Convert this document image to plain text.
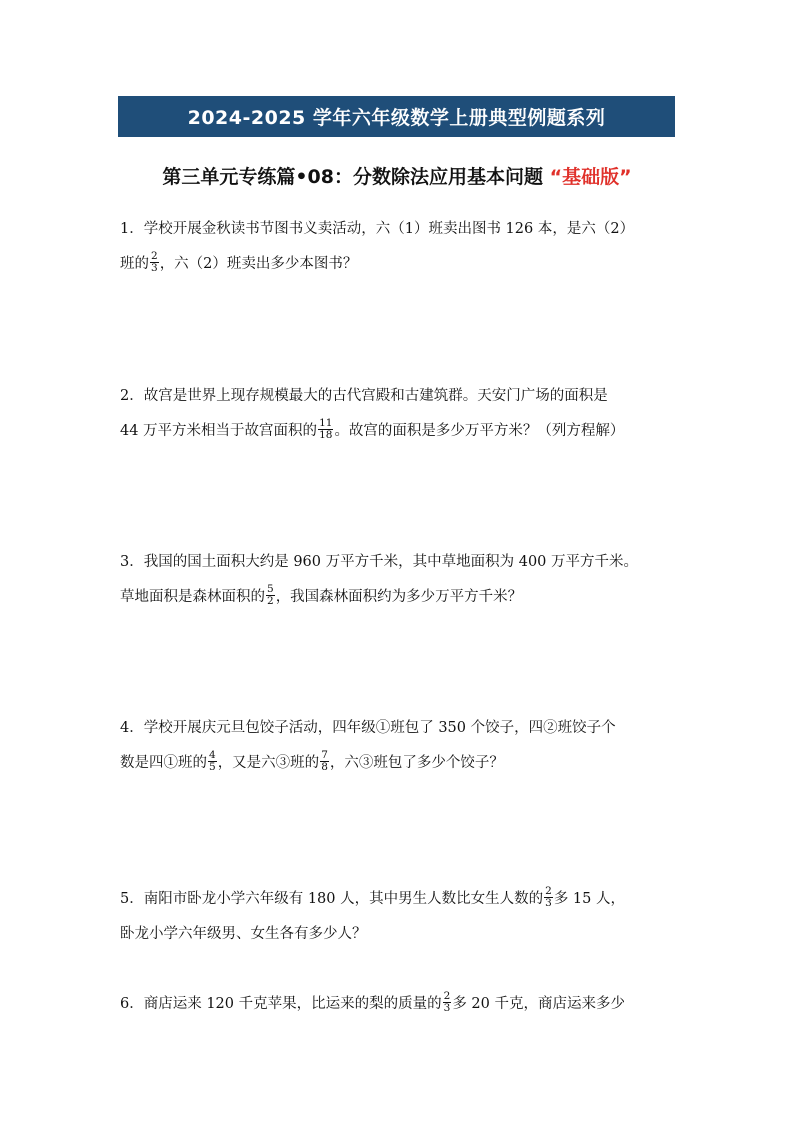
2024-2025 学年六年级数学上册典型例题系列
第三单元专练篇•08：分数除法应用基本问题 “基础版”
1．学校开展金秋读书节图书义卖活动，六（1）班卖出图书 126 本，是六（2）
班的 $\frac{2}{3}$ ，六（2）班卖出多少本图书？
2．故宫是世界上现存规模最大的古代宫殿和古建筑群。天安门广场的面积是
44 万平方米相当于故宫面积的 $\frac{11}{18}$ 。故宫的面积是多少万平方米？（列方程解）
3．我国的国土面积大约是 960 万平方千米，其中草地面积为 400 万平方千米。
草地面积是森林面积的 $\frac{5}{2}$ ，我国森林面积约为多少万平方千米？
4．学校开展庆元旦包饺子活动，四年级①班包了 350 个饺子，四②班饺子个
数是四①班的 $\frac{4}{5}$ ，又是六③班的 $\frac{7}{8}$ ，六③班包了多少个饺子？
5．南阳市卧龙小学六年级有 180 人，其中男生人数比女生人数的 $\frac{2}{3}$ 多 15 人，
卧龙小学六年级男、女生各有多少人？
6．商店运来 120 千克苹果，比运来的梨的质量的 $\frac{2}{3}$ 多 20 千克，商店运来多少
